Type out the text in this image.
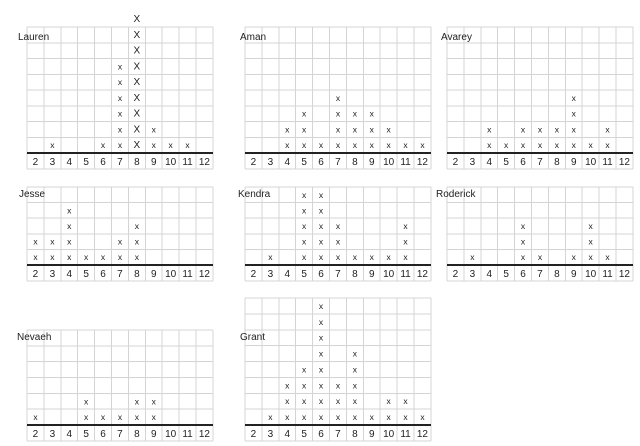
2 3 4 5 6 7 8 9 10 11 12
x	x x
x
x
x
x
x
X
X
X
X
X
X
X
X
X
x
x
x x
Lauren
2 3 4 5 6 7 8 9 10 11 12
x
x
x
x
x
x x
x
x
x
x
x
x
x
x
x
x
x
x x
Aman
2 3 4 5 6 7 8 9 10 11 12
x
x
x x
x
x
x
x
x
x
x
x
x
x x
x
Avarey
2 3 4 5 6 7 8 9 10 11 12
x
x
x
x
x
x
x
x
x x x
x
x
x
x
Jesse
2 3 4 5 6 7 8 9 10 11 12
x	x
x
x
x
x
x
x
x
x
x
x
x
x
x x x x
x
x
Kendra
2 3 4 5 6 7 8 9 10 11 12
x	x
x
x
x	x x
x
x
x
Roderick
2 3 4 5 6 7 8 9 10 11 12
x	x
x
x x x
x
x
x
Nevaeh
2 3 4 5 6 7 8 9 10 11 12
x x
x
x
x
x
x
x
x
x
x
x
x
x
x
x
x
x
x
x
x
x
x
x
x x
x
x
x
x
Grant
